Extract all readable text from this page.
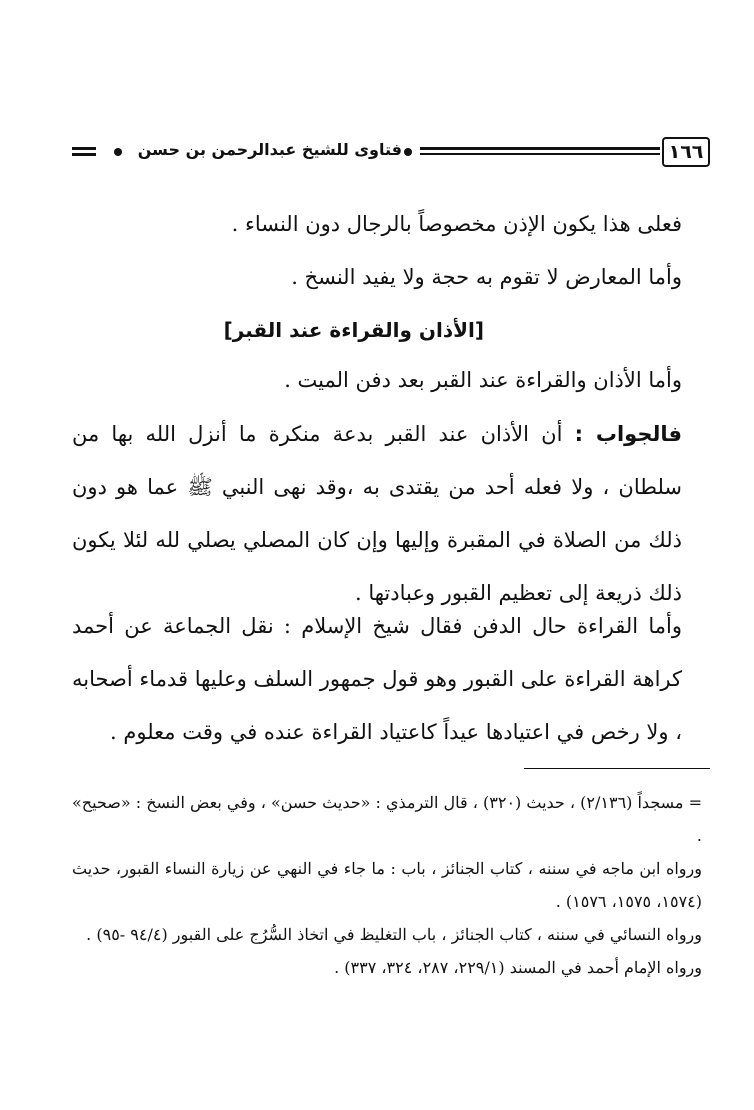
١٦٦
فتاوى للشيخ عبدالرحمن بن حسن
فعلى هذا يكون الإذن مخصوصاً بالرجال دون النساء .
وأما المعارض لا تقوم به حجة ولا يفيد النسخ .
[الأذان والقراءة عند القبر]
وأما الأذان والقراءة عند القبر بعد دفن الميت .
فالجواب : أن الأذان عند القبر بدعة منكرة ما أنزل الله بها من سلطان ، ولا فعله أحد من يقتدى به ،وقد نهى النبي ﷺ عما هو دون ذلك من الصلاة في المقبرة وإليها وإن كان المصلي يصلي لله لئلا يكون ذلك ذريعة إلى تعظيم القبور وعبادتها .
وأما القراءة حال الدفن فقال شيخ الإسلام : نقل الجماعة عن أحمد كراهة القراءة على القبور وهو قول جمهور السلف وعليها قدماء أصحابه ، ولا رخص في اعتيادها عيداً كاعتياد القراءة عنده في وقت معلوم .

= مسجداً (٢/١٣٦) ، حديث (٣٢٠) ، قال الترمذي : «حديث حسن» ، وفي بعض النسخ : «صحيح» .

ورواه ابن ماجه في سننه ، كتاب الجنائز ، باب : ما جاء في النهي عن زيارة النساء القبور، حديث (١٥٧٤، ١٥٧٥، ١٥٧٦) .

ورواه النسائي في سننه ، كتاب الجنائز ، باب التغليظ في اتخاذ السُّرُج على القبور (٩٤/٤ -٩٥) .

ورواه الإمام أحمد في المسند (٢٢٩/١، ٢٨٧، ٣٢٤، ٣٣٧) .
